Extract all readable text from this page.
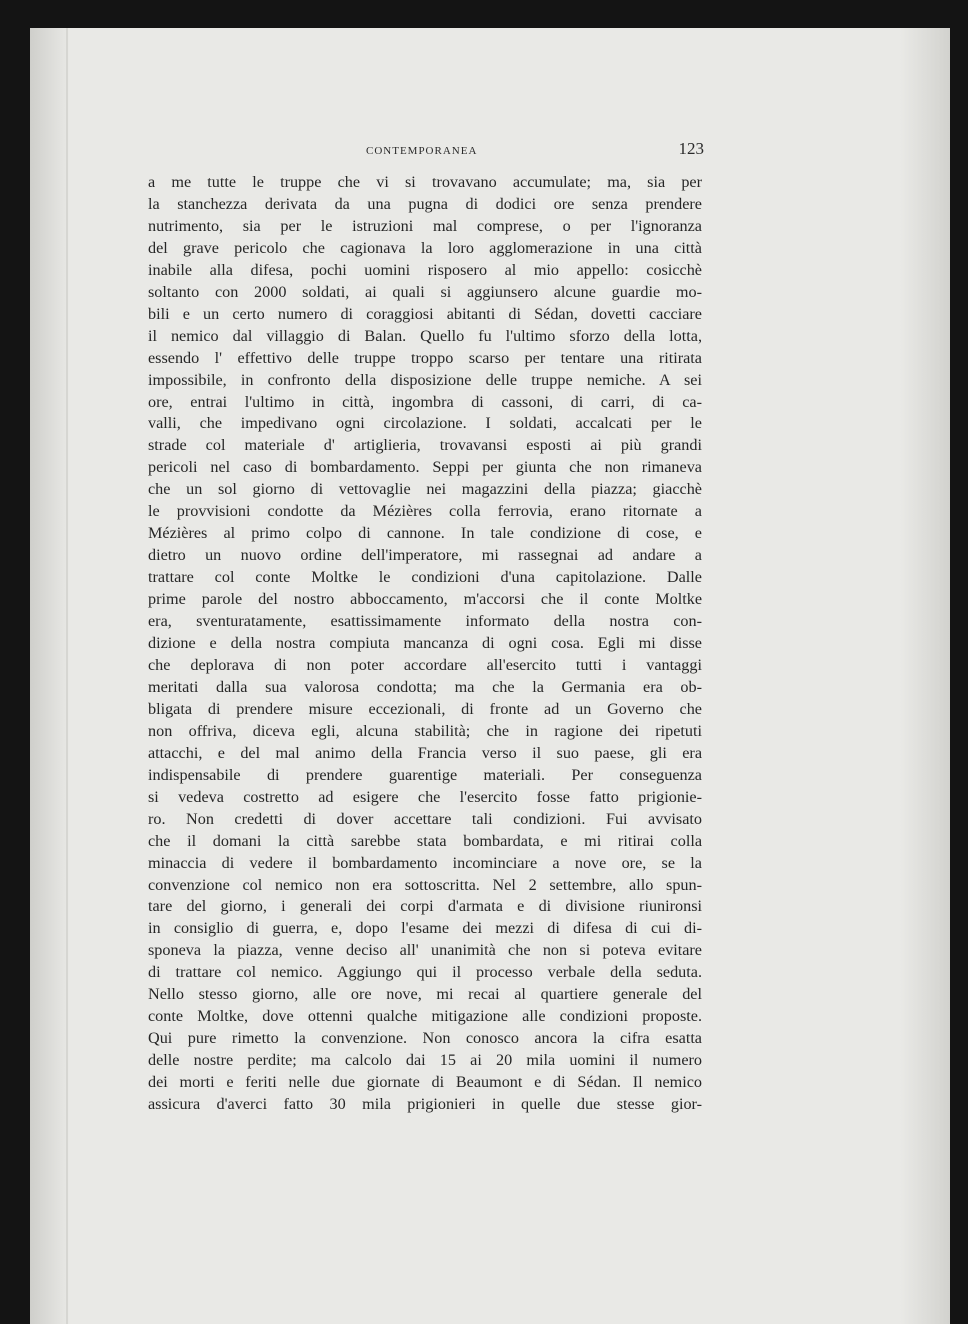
CONTEMPORANEA	123
a me tutte le truppe che vi si trovavano accumulate; ma, sia per
la stanchezza derivata da una pugna di dodici ore senza prendere
nutrimento, sia per le istruzioni mal comprese, o per l'ignoranza
del grave pericolo che cagionava la loro agglomerazione in una città
inabile alla difesa, pochi uomini risposero al mio appello: cosicchè
soltanto con 2000 soldati, ai quali si aggiunsero alcune guardie mo-
bili e un certo numero di coraggiosi abitanti di Sédan, dovetti cacciare
il nemico dal villaggio di Balan. Quello fu l'ultimo sforzo della lotta,
essendo l' effettivo delle truppe troppo scarso per tentare una ritirata
impossibile, in confronto della disposizione delle truppe nemiche. A sei
ore, entrai l'ultimo in città, ingombra di cassoni, di carri, di ca-
valli, che impedivano ogni circolazione. I soldati, accalcati per le
strade col materiale d' artiglieria, trovavansi esposti ai più grandi
pericoli nel caso di bombardamento. Seppi per giunta che non rimaneva
che un sol giorno di vettovaglie nei magazzini della piazza; giacchè
le provvisioni condotte da Mézières colla ferrovia, erano ritornate a
Mézières al primo colpo di cannone. In tale condizione di cose, e
dietro un nuovo ordine dell'imperatore, mi rassegnai ad andare a
trattare col conte Moltke le condizioni d'una capitolazione. Dalle
prime parole del nostro abboccamento, m'accorsi che il conte Moltke
era, sventuratamente, esattissimamente informato della nostra con-
dizione e della nostra compiuta mancanza di ogni cosa. Egli mi disse
che deplorava di non poter accordare all'esercito tutti i vantaggi
meritati dalla sua valorosa condotta; ma che la Germania era ob-
bligata di prendere misure eccezionali, di fronte ad un Governo che
non offriva, diceva egli, alcuna stabilità; che in ragione dei ripetuti
attacchi, e del mal animo della Francia verso il suo paese, gli era
indispensabile di prendere guarentige materiali. Per conseguenza
si vedeva costretto ad esigere che l'esercito fosse fatto prigionie-
ro. Non credetti di dover accettare tali condizioni. Fui avvisato
che il domani la città sarebbe stata bombardata, e mi ritirai colla
minaccia di vedere il bombardamento incominciare a nove ore, se la
convenzione col nemico non era sottoscritta. Nel 2 settembre, allo spun-
tare del giorno, i generali dei corpi d'armata e di divisione riunironsi
in consiglio di guerra, e, dopo l'esame dei mezzi di difesa di cui di-
sponeva la piazza, venne deciso all' unanimità che non si poteva evitare
di trattare col nemico. Aggiungo qui il processo verbale della seduta.
Nello stesso giorno, alle ore nove, mi recai al quartiere generale del
conte Moltke, dove ottenni qualche mitigazione alle condizioni proposte.
Qui pure rimetto la convenzione. Non conosco ancora la cifra esatta
delle nostre perdite; ma calcolo dai 15 ai 20 mila uomini il numero
dei morti e feriti nelle due giornate di Beaumont e di Sédan. Il nemico
assicura d'averci fatto 30 mila prigionieri in quelle due stesse gior-
